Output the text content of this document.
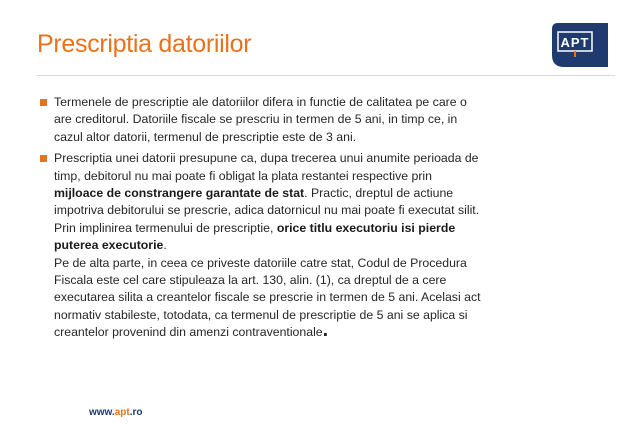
Prescriptia datoriilor	APT
Termenele de prescriptie ale datoriilor difera in functie de calitatea pe care o
are creditorul. Datoriile fiscale se prescriu in termen de 5 ani, in timp ce, in
cazul altor datorii, termenul de prescriptie este de 3 ani.
Prescriptia unei datorii presupune ca, dupa trecerea unui anumite perioada de
timp, debitorul nu mai poate fi obligat la plata restantei respective prin
mijloace de constrangere garantate de stat. Practic, dreptul de actiune
impotriva debitorului se prescrie, adica datornicul nu mai poate fi executat silit.
Prin implinirea termenului de prescriptie, orice titlu executoriu isi pierde
puterea executorie.
Pe de alta parte, in ceea ce priveste datoriile catre stat, Codul de Procedura
Fiscala este cel care stipuleaza la art. 130, alin. (1), ca dreptul de a cere
executarea silita a creantelor fiscale se prescrie in termen de 5 ani. Acelasi act
normativ stabileste, totodata, ca termenul de prescriptie de 5 ani se aplica si
creantelor provenind din amenzi contraventionale.
www.apt.ro
